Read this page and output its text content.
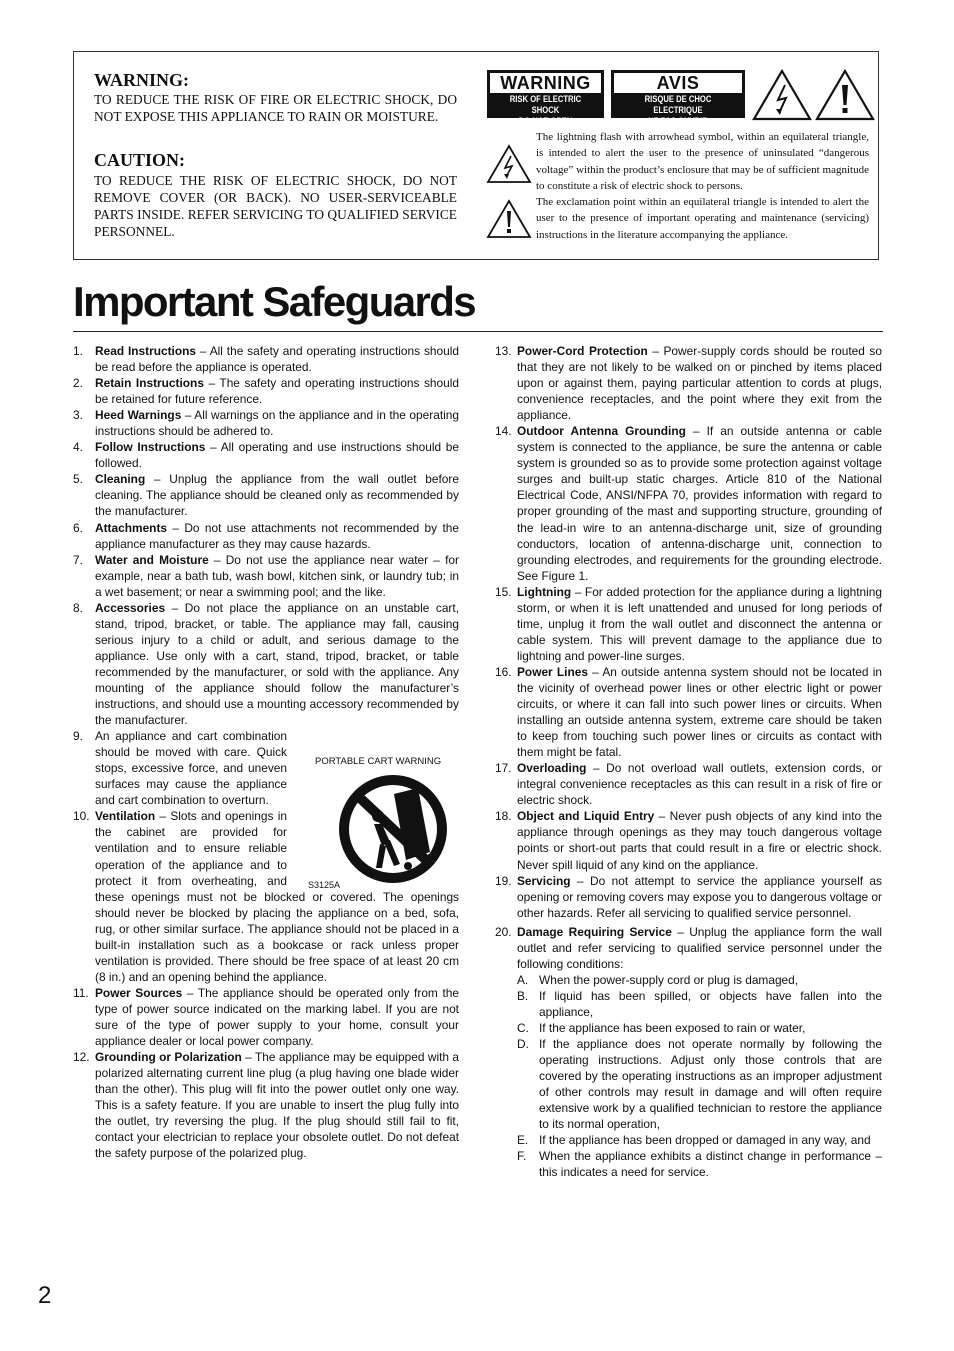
WARNING:
TO REDUCE THE RISK OF FIRE OR ELECTRIC SHOCK, DO NOT EXPOSE THIS APPLIANCE TO RAIN OR MOISTURE.
CAUTION:
TO REDUCE THE RISK OF ELECTRIC SHOCK, DO NOT REMOVE COVER (OR BACK). NO USER-SERVICEABLE PARTS INSIDE. REFER SERVICING TO QUALIFIED SERVICE PERSONNEL.
WARNING
RISK OF ELECTRIC SHOCK
DO NOT OPEN
AVIS
RISQUE DE CHOC ELECTRIQUE
NE PAS OUVRIR
The lightning flash with arrowhead symbol, within an equilateral triangle, is intended to alert the user to the presence of uninsulated “dangerous voltage” within the product’s enclosure that may be of sufficient magnitude to constitute a risk of electric shock to persons.
The exclamation point within an equilateral triangle is intended to alert the user to the presence of important operating and maintenance (servicing) instructions in the literature accompanying the appliance.
Important Safeguards
1. Read Instructions – All the safety and operating instructions should be read before the appliance is operated.
2. Retain Instructions – The safety and operating instructions should be retained for future reference.
3. Heed Warnings – All warnings on the appliance and in the operating instructions should be adhered to.
4. Follow Instructions – All operating and use instructions should be followed.
5. Cleaning – Unplug the appliance from the wall outlet before cleaning. The appliance should be cleaned only as recommended by the manufacturer.
6. Attachments – Do not use attachments not recommended by the appliance manufacturer as they may cause hazards.
7. Water and Moisture – Do not use the appliance near water – for example, near a bath tub, wash bowl, kitchen sink, or laundry tub; in a wet basement; or near a swimming pool; and the like.
8. Accessories – Do not place the appliance on an unstable cart, stand, tripod, bracket, or table. The appliance may fall, causing serious injury to a child or adult, and serious damage to the appliance. Use only with a cart, stand, tripod, bracket, or table recommended by the manufacturer, or sold with the appliance. Any mounting of the appliance should follow the manufacturer’s instructions, and should use a mounting accessory recommended by the manufacturer.
9. An appliance and cart combination should be moved with care. Quick stops, excessive force, and uneven surfaces may cause the appliance and cart combination to overturn.
10. Ventilation – Slots and openings in the cabinet are provided for ventilation and to ensure reliable operation of the appliance and to protect it from overheating, and these openings must not be blocked or covered. The openings should never be blocked by placing the appliance on a bed, sofa, rug, or other similar surface. The appliance should not be placed in a built-in installation such as a bookcase or rack unless proper ventilation is provided. There should be free space of at least 20 cm (8 in.) and an opening behind the appliance.
11. Power Sources – The appliance should be operated only from the type of power source indicated on the marking label. If you are not sure of the type of power supply to your home, consult your appliance dealer or local power company.
12. Grounding or Polarization – The appliance may be equipped with a polarized alternating current line plug (a plug having one blade wider than the other). This plug will fit into the power outlet only one way. This is a safety feature. If you are unable to insert the plug fully into the outlet, try reversing the plug. If the plug should still fail to fit, contact your electrician to replace your obsolete outlet. Do not defeat the safety purpose of the polarized plug.
PORTABLE CART WARNING
S3125A
13. Power-Cord Protection – Power-supply cords should be routed so that they are not likely to be walked on or pinched by items placed upon or against them, paying particular attention to cords at plugs, convenience receptacles, and the point where they exit from the appliance.
14. Outdoor Antenna Grounding – If an outside antenna or cable system is connected to the appliance, be sure the antenna or cable system is grounded so as to provide some protection against voltage surges and built-up static charges. Article 810 of the National Electrical Code, ANSI/NFPA 70, provides information with regard to proper grounding of the mast and supporting structure, grounding of the lead-in wire to an antenna-discharge unit, size of grounding conductors, location of antenna-discharge unit, connection to grounding electrodes, and requirements for the grounding electrode. See Figure 1.
15. Lightning – For added protection for the appliance during a lightning storm, or when it is left unattended and unused for long periods of time, unplug it from the wall outlet and disconnect the antenna or cable system. This will prevent damage to the appliance due to lightning and power-line surges.
16. Power Lines – An outside antenna system should not be located in the vicinity of overhead power lines or other electric light or power circuits, or where it can fall into such power lines or circuits. When installing an outside antenna system, extreme care should be taken to keep from touching such power lines or circuits as contact with them might be fatal.
17. Overloading – Do not overload wall outlets, extension cords, or integral convenience receptacles as this can result in a risk of fire or electric shock.
18. Object and Liquid Entry – Never push objects of any kind into the appliance through openings as they may touch dangerous voltage points or short-out parts that could result in a fire or electric shock. Never spill liquid of any kind on the appliance.
19. Servicing – Do not attempt to service the appliance yourself as opening or removing covers may expose you to dangerous voltage or other hazards. Refer all servicing to qualified service personnel.
20. Damage Requiring Service – Unplug the appliance form the wall outlet and refer servicing to qualified service personnel under the following conditions:
A. When the power-supply cord or plug is damaged,
B. If liquid has been spilled, or objects have fallen into the appliance,
C. If the appliance has been exposed to rain or water,
D. If the appliance does not operate normally by following the operating instructions. Adjust only those controls that are covered by the operating instructions as an improper adjustment of other controls may result in damage and will often require extensive work by a qualified technician to restore the appliance to its normal operation,
E. If the appliance has been dropped or damaged in any way, and
F. When the appliance exhibits a distinct change in performance – this indicates a need for service.
2
